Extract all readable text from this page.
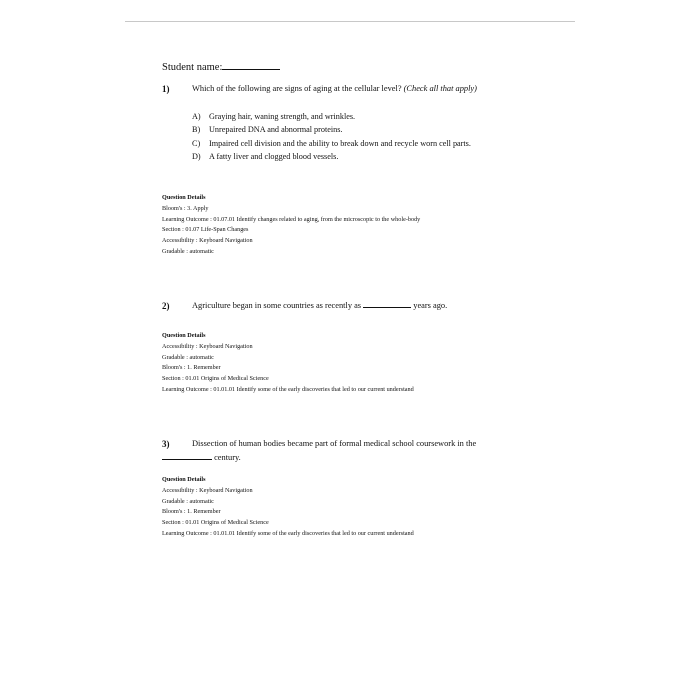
Student name:
1)	Which of the following are signs of aging at the cellular level? (Check all that apply)
A) Graying hair, waning strength, and wrinkles.
B) Unrepaired DNA and abnormal proteins.
C) Impaired cell division and the ability to break down and recycle worn cell parts.
D) A fatty liver and clogged blood vessels.
Question Details
Bloom's : 3. Apply
Learning Outcome : 01.07.01 Identify changes related to aging, from the microscopic to the whole-body
Section : 01.07 Life-Span Changes
Accessibility : Keyboard Navigation
Gradable : automatic
2)	Agriculture began in some countries as recently as	years ago.
Question Details
Accessibility : Keyboard Navigation
Gradable : automatic
Bloom's : 1. Remember
Section : 01.01 Origins of Medical Science
Learning Outcome : 01.01.01 Identify some of the early discoveries that led to our current understand
3)	Dissection of human bodies became part of formal medical school coursework in the
century.
Question Details
Accessibility : Keyboard Navigation
Gradable : automatic
Bloom's : 1. Remember
Section : 01.01 Origins of Medical Science
Learning Outcome : 01.01.01 Identify some of the early discoveries that led to our current understand
